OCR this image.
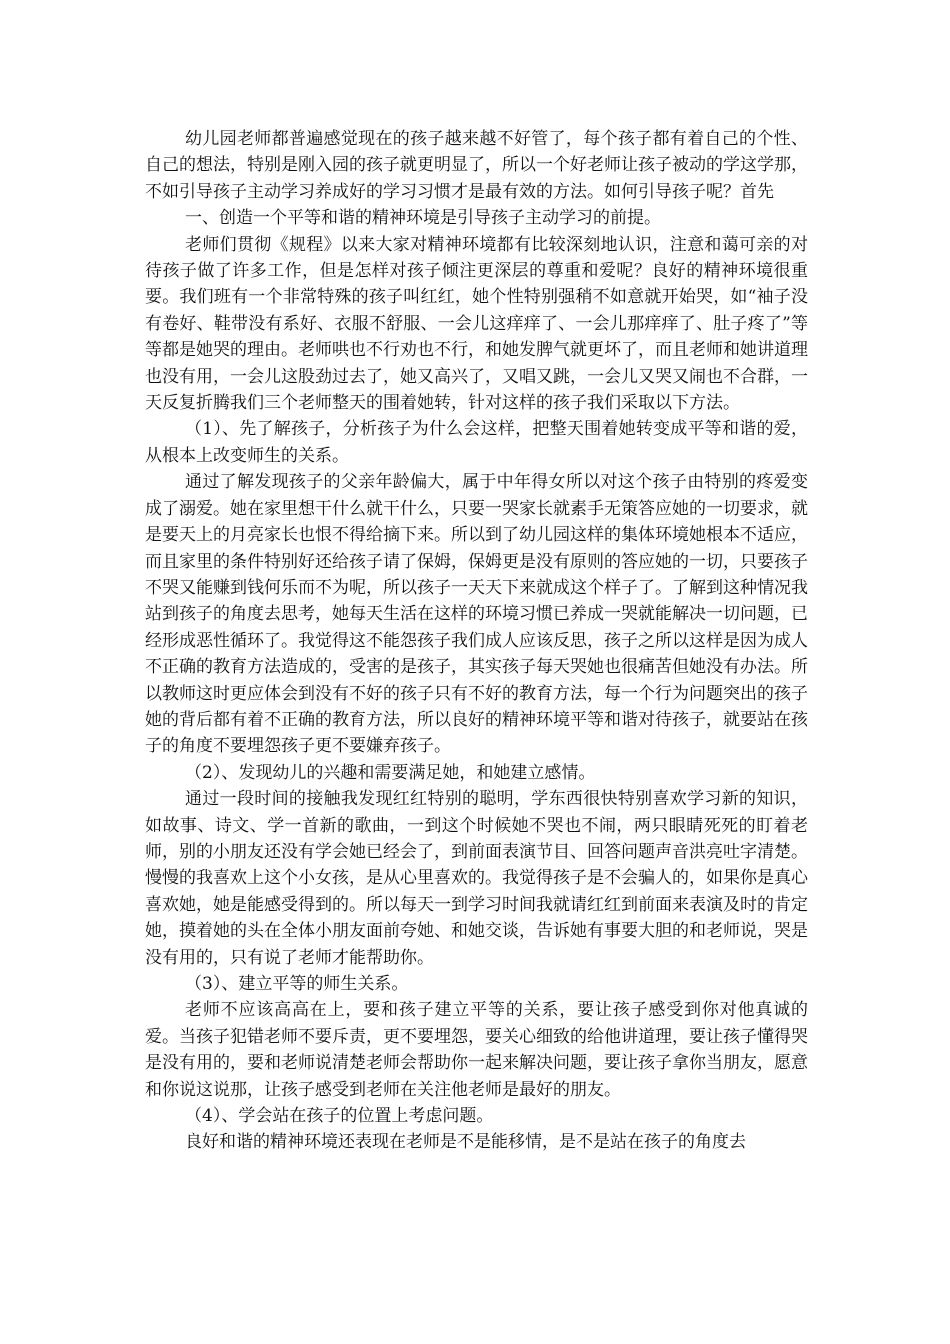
幼儿园老师都普遍感觉现在的孩子越来越不好管了，每个孩子都有着自己的个性、自己的想法，特别是刚入园的孩子就更明显了，所以一个好老师让孩子被动的学这学那，不如引导孩子主动学习养成好的学习习惯才是最有效的方法。如何引导孩子呢？首先

一、创造一个平等和谐的精神环境是引导孩子主动学习的前提。

老师们贯彻《规程》以来大家对精神环境都有比较深刻地认识，注意和蔼可亲的对待孩子做了许多工作，但是怎样对孩子倾注更深层的尊重和爱呢？良好的精神环境很重要。我们班有一个非常特殊的孩子叫红红，她个性特别强稍不如意就开始哭，如“袖子没有卷好、鞋带没有系好、衣服不舒服、一会儿这痒痒了、一会儿那痒痒了、肚子疼了”等等都是她哭的理由。老师哄也不行劝也不行，和她发脾气就更坏了，而且老师和她讲道理也没有用，一会儿这股劲过去了，她又高兴了，又唱又跳，一会儿又哭又闹也不合群，一天反复折腾我们三个老师整天的围着她转，针对这样的孩子我们采取以下方法。

（1）、先了解孩子，分析孩子为什么会这样，把整天围着她转变成平等和谐的爱，从根本上改变师生的关系。

通过了解发现孩子的父亲年龄偏大，属于中年得女所以对这个孩子由特别的疼爱变成了溺爱。她在家里想干什么就干什么，只要一哭家长就素手无策答应她的一切要求，就是要天上的月亮家长也恨不得给摘下来。所以到了幼儿园这样的集体环境她根本不适应，而且家里的条件特别好还给孩子请了保姆，保姆更是没有原则的答应她的一切，只要孩子不哭又能赚到钱何乐而不为呢，所以孩子一天天下来就成这个样子了。了解到这种情况我站到孩子的角度去思考，她每天生活在这样的环境习惯已养成一哭就能解决一切问题，已经形成恶性循环了。我觉得这不能怨孩子我们成人应该反思，孩子之所以这样是因为成人不正确的教育方法造成的，受害的是孩子，其实孩子每天哭她也很痛苦但她没有办法。所以教师这时更应体会到没有不好的孩子只有不好的教育方法，每一个行为问题突出的孩子她的背后都有着不正确的教育方法，所以良好的精神环境平等和谐对待孩子，就要站在孩子的角度不要埋怨孩子更不要嫌弃孩子。

（2）、发现幼儿的兴趣和需要满足她，和她建立感情。

通过一段时间的接触我发现红红特别的聪明，学东西很快特别喜欢学习新的知识，如故事、诗文、学一首新的歌曲，一到这个时候她不哭也不闹，两只眼睛死死的盯着老师，别的小朋友还没有学会她已经会了，到前面表演节目、回答问题声音洪亮吐字清楚。慢慢的我喜欢上这个小女孩，是从心里喜欢的。我觉得孩子是不会骗人的，如果你是真心喜欢她，她是能感受得到的。所以每天一到学习时间我就请红红到前面来表演及时的肯定她，摸着她的头在全体小朋友面前夸她、和她交谈，告诉她有事要大胆的和老师说，哭是没有用的，只有说了老师才能帮助你。

（3）、建立平等的师生关系。

老师不应该高高在上，要和孩子建立平等的关系，要让孩子感受到你对他真诚的爱。当孩子犯错老师不要斥责，更不要埋怨，要关心细致的给他讲道理，要让孩子懂得哭是没有用的，要和老师说清楚老师会帮助你一起来解决问题，要让孩子拿你当朋友，愿意和你说这说那，让孩子感受到老师在关注他老师是最好的朋友。

（4）、学会站在孩子的位置上考虑问题。

良好和谐的精神环境还表现在老师是不是能移情，是不是站在孩子的角度去
